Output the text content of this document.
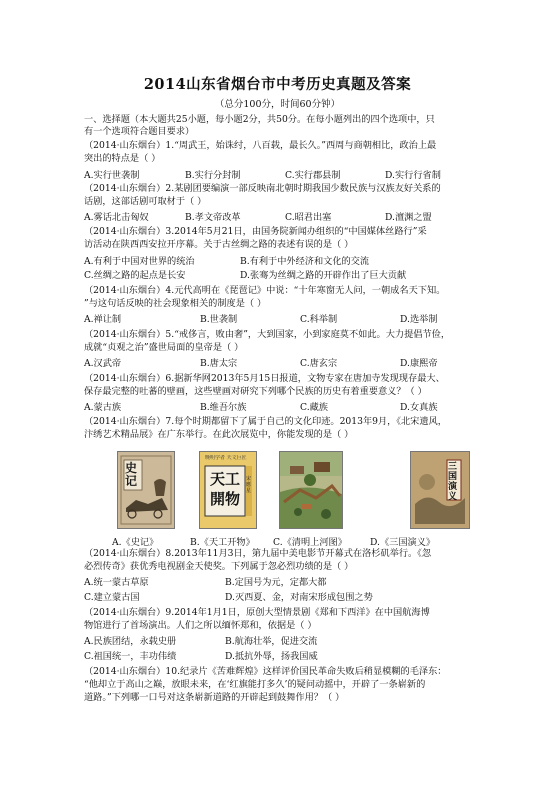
2014山东省烟台市中考历史真题及答案
（总分100分，时间60分钟）
一、选择题（本大题共25小题，每小题2分，共50分。在每小题列出的四个选项中，只
有一个选项符合题目要求）
（2014·山东烟台）1.“周武王，始诛纣，八百载，最长久。”西周与商朝相比，政治上最
突出的特点是（ ）
A.实行世袭制	B.实行分封制	C.实行郡县制	D.实行行省制
（2014·山东烟台）2.某剧团要编演一部反映南北朝时期我国少数民族与汉族友好关系的
话剧，这部话剧可取材于（ ）
A.雾话北击匈奴	B.孝文帝改革	C.昭君出塞	D.澶渊之盟
（2014·山东烟台）3.2014年5月21日，由国务院新闻办组织的“中国媒体丝路行”采
访活动在陕西西安拉开序幕。关于古丝绸之路的表述有误的是（ ）
A.有利于中国对世界的统治	B.有利于中外经济和文化的交流
C.丝绸之路的起点是长安	D.张骞为丝绸之路的开辟作出了巨大贡献
（2014·山东烟台）4.元代高明在《琵琶记》中说：“十年寒窗无人问，一朝成名天下知。
”与这句话反映的社会现象相关的制度是（ ）
A.禅让制	B.世袭制	C.科举制	D.选举制
（2014·山东烟台）5.“戒侈言，败由奢”，大到国家，小到家庭莫不如此。大力提倡节俭，
成就“贞观之治”盛世局面的皇帝是（ ）
A.汉武帝	B.唐太宗	C.唐玄宗	D.康熙帝
（2014·山东烟台）6.据新华网2013年5月15日报道，文物专家在唐加寺发现现存最大、
保存最完整的吐蕃的壁画，这些壁画对研究下列哪个民族的历史有着重要意义？（ ）
A.蒙古族	B.维吾尔族	C.藏族	D.女真族
（2014·山东烟台）7.每个时期都留下了属于自己的文化印迹。2013年9月，《北宋遗风，
汴绣艺术精品展》在广东举行。在此次展览中，你能发现的是（ ）
史记
晚明学者 天文巨匠
天工開物
宋應星
三国演义
A.《史记》	B.《天工开物》 C.《清明上河图》	D.《三国演义》
（2014·山东烟台）8.2013年11月3日，第九届中美电影节开幕式在洛杉矶举行。《忽
必烈传奇》获优秀电视剧金天使奖。下列属于忽必烈功绩的是（ ）
A.统一蒙古草原	B.定国号为元，定都大都
C.建立蒙古国	D.灭西夏、金，对南宋形成包围之势
（2014·山东烟台）9.2014年1月1日，原创大型情景剧《郑和下西洋》在中国航海博
物馆进行了首场演出。人们之所以缅怀郑和，依据是（ ）
A.民族团结，永载史册	B.航海壮举，促进交流
C.祖国统一，丰功伟绩	D.抵抗外辱，扬我国威
（2014·山东烟台）10.纪录片《苦难辉煌》这样评价国民革命失败后稍显模糊的毛泽东：
“他却立于高山之巅，放眼未来，在‘红旗能打多久’的疑问动摇中，开辟了一条崭新的
道路。”下列哪一口号对这条崭新道路的开辟起到鼓舞作用？（ ）
